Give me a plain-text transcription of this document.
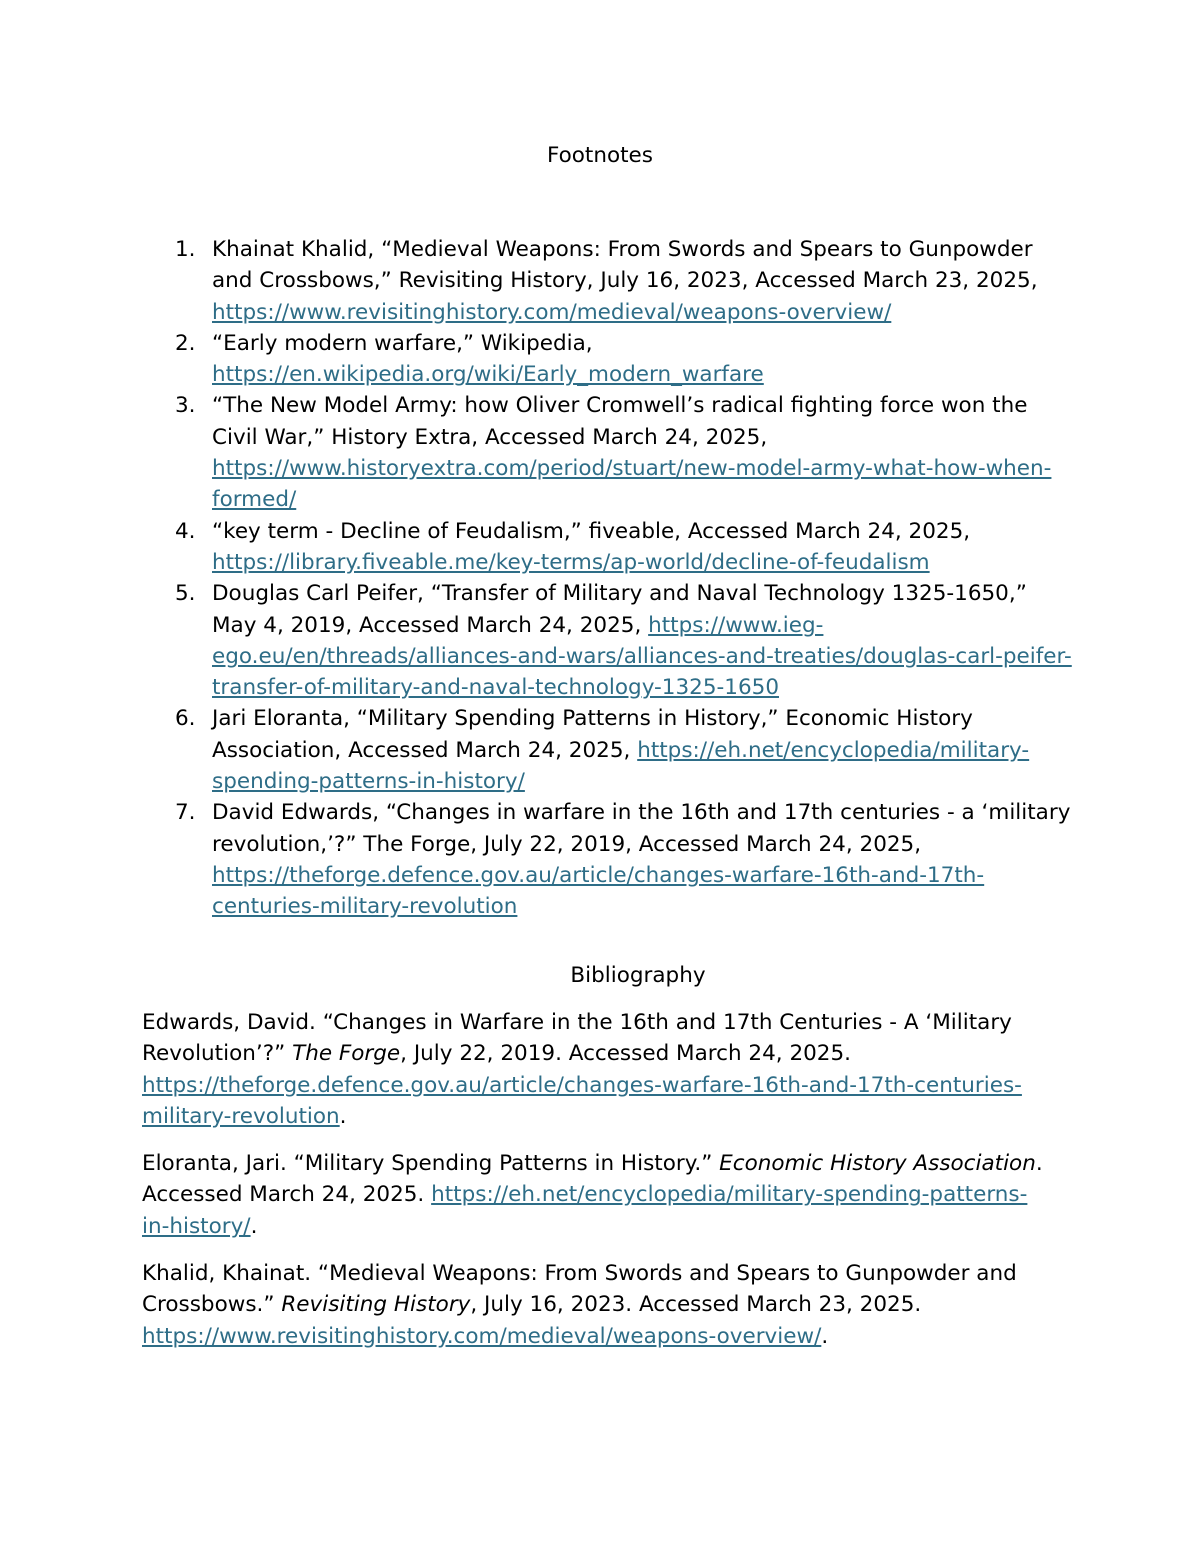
Footnotes
1. Khainat Khalid, “Medieval Weapons: From Swords and Spears to Gunpowder and Crossbows,” Revisiting History, July 16, 2023, Accessed March 23, 2025, https://www.revisitinghistory.com/medieval/weapons-overview/
2. “Early modern warfare,” Wikipedia, https://en.wikipedia.org/wiki/Early_modern_warfare
3. “The New Model Army: how Oliver Cromwell’s radical fighting force won the Civil War,” History Extra, Accessed March 24, 2025, https://www.historyextra.com/period/stuart/new-model-army-what-how-when-formed/
4. “key term - Decline of Feudalism,” fiveable, Accessed March 24, 2025, https://library.fiveable.me/key-terms/ap-world/decline-of-feudalism
5. Douglas Carl Peifer, “Transfer of Military and Naval Technology 1325-1650,” May 4, 2019, Accessed March 24, 2025, https://www.ieg-ego.eu/en/threads/alliances-and-wars/alliances-and-treaties/douglas-carl-peifer-transfer-of-military-and-naval-technology-1325-1650
6. Jari Eloranta, “Military Spending Patterns in History,” Economic History Association, Accessed March 24, 2025, https://eh.net/encyclopedia/military-spending-patterns-in-history/
7. David Edwards, “Changes in warfare in the 16th and 17th centuries - a ‘military revolution,’?” The Forge, July 22, 2019, Accessed March 24, 2025, https://theforge.defence.gov.au/article/changes-warfare-16th-and-17th-centuries-military-revolution
Bibliography

Edwards, David. “Changes in Warfare in the 16th and 17th Centuries - A ‘Military Revolution’?” The Forge, July 22, 2019. Accessed March 24, 2025. https://theforge.defence.gov.au/article/changes-warfare-16th-and-17th-centuries-military-revolution.

Eloranta, Jari. “Military Spending Patterns in History.” Economic History Association. Accessed March 24, 2025. https://eh.net/encyclopedia/military-spending-patterns-in-history/.

Khalid, Khainat. “Medieval Weapons: From Swords and Spears to Gunpowder and Crossbows.” Revisiting History, July 16, 2023. Accessed March 23, 2025. https://www.revisitinghistory.com/medieval/weapons-overview/.
